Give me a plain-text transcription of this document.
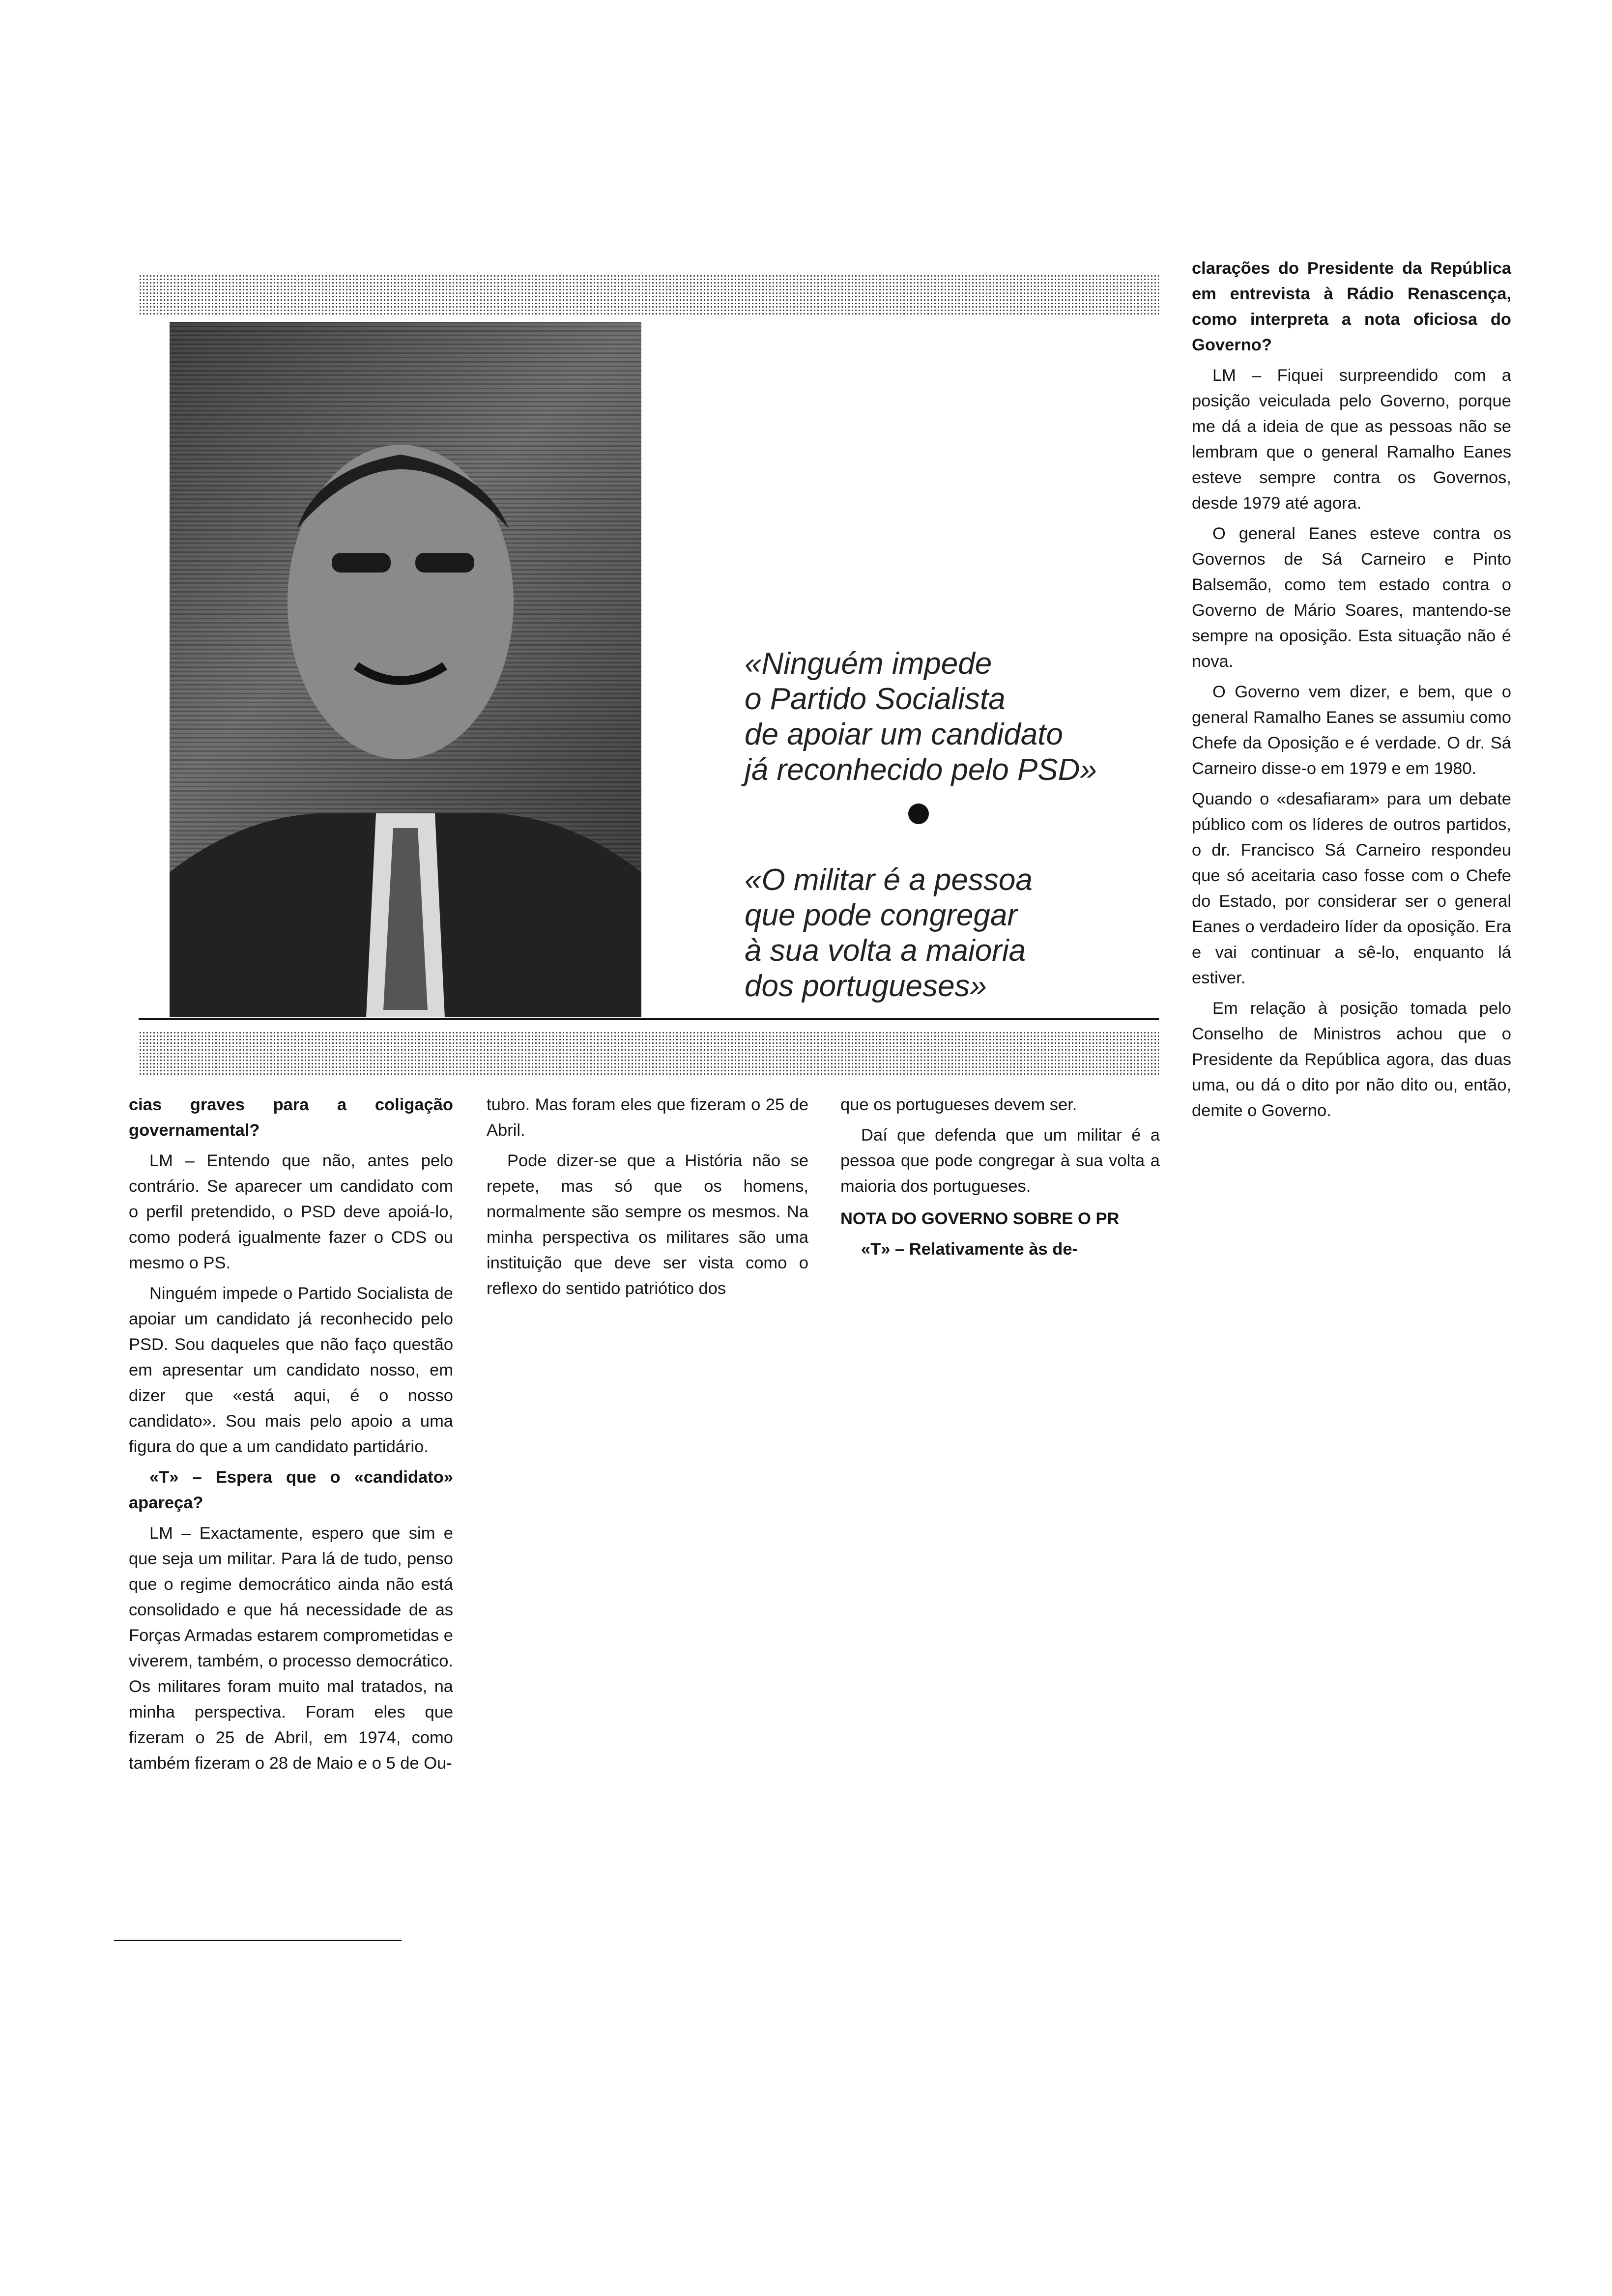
«Ninguém impede
o Partido Socialista
de apoiar um candidato
já reconhecido pelo PSD»
«O militar é a pessoa
que pode congregar
à sua volta a maioria
dos portugueses»

clarações do Presidente da República em entrevista à Rádio Renascença, como interpreta a nota oficiosa do Governo?

LM – Fiquei surpreendido com a posição veiculada pelo Governo, porque me dá a ideia de que as pessoas não se lembram que o general Ramalho Eanes esteve sempre contra os Governos, desde 1979 até agora.

O general Eanes esteve contra os Governos de Sá Carneiro e Pinto Balsemão, como tem estado contra o Governo de Mário Soares, mantendo-se sempre na oposição. Esta situação não é nova.

O Governo vem dizer, e bem, que o general Ramalho Eanes se assumiu como Chefe da Oposição e é verdade. O dr. Sá Carneiro disse-o em 1979 e em 1980.

Quando o «desafiaram» para um debate público com os líderes de outros partidos, o dr. Francisco Sá Carneiro respondeu que só aceitaria caso fosse com o Chefe do Estado, por considerar ser o general Eanes o verdadeiro líder da oposição. Era e vai continuar a sê-lo, enquanto lá estiver.

Em relação à posição tomada pelo Conselho de Ministros achou que o Presidente da República agora, das duas uma, ou dá o dito por não dito ou, então, demite o Governo.

cias graves para a coligação governamental?

LM – Entendo que não, antes pelo contrário. Se aparecer um candidato com o perfil pretendido, o PSD deve apoiá-lo, como poderá igualmente fazer o CDS ou mesmo o PS.

Ninguém impede o Partido Socialista de apoiar um candidato já reconhecido pelo PSD. Sou daqueles que não faço questão em apresentar um candidato nosso, em dizer que «está aqui, é o nosso candidato». Sou mais pelo apoio a uma figura do que a um candidato partidário.

«T» – Espera que o «candidato» apareça?

LM – Exactamente, espero que sim e que seja um militar. Para lá de tudo, penso que o regime democrático ainda não está consolidado e que há necessidade de as Forças Armadas estarem comprometidas e viverem, também, o processo democrático. Os militares foram muito mal tratados, na minha perspectiva. Foram eles que fizeram o 25 de Abril, em 1974, como também fizeram o 28 de Maio e o 5 de Ou-

tubro. Mas foram eles que fizeram o 25 de Abril.

Pode dizer-se que a História não se repete, mas só que os homens, normalmente são sempre os mesmos. Na minha perspectiva os militares são uma instituição que deve ser vista como o reflexo do sentido patriótico dos

que os portugueses devem ser.

Daí que defenda que um militar é a pessoa que pode congregar à sua volta a maioria dos portugueses.

NOTA DO GOVERNO SOBRE O PR

«T» – Relativamente às de-
